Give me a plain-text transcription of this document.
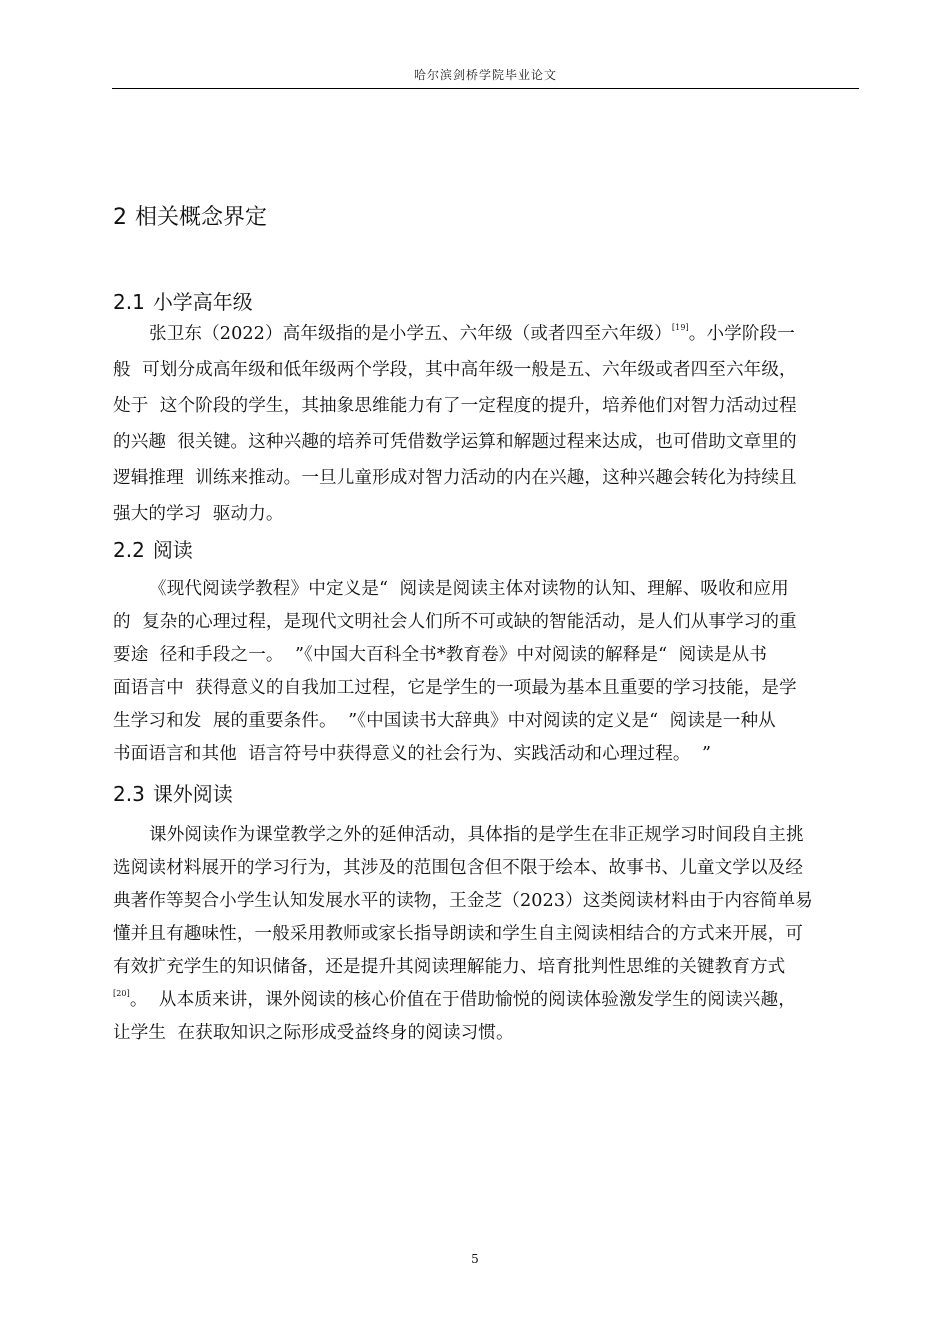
哈尔滨剑桥学院毕业论文
2 相关概念界定
2.1 小学高年级
张卫东（2022）高年级指的是小学五、六年级（或者四至六年级）[19]。小学阶段一
般  可划分成高年级和低年级两个学段，其中高年级一般是五、六年级或者四至六年级，
处于  这个阶段的学生，其抽象思维能力有了一定程度的提升，培养他们对智力活动过程
的兴趣  很关键。这种兴趣的培养可凭借数学运算和解题过程来达成，也可借助文章里的
逻辑推理  训练来推动。一旦儿童形成对智力活动的内在兴趣，这种兴趣会转化为持续且
强大的学习  驱动力。
2.2 阅读
《现代阅读学教程》中定义是“  阅读是阅读主体对读物的认知、理解、吸收和应用
的  复杂的心理过程，是现代文明社会人们所不可或缺的智能活动，是人们从事学习的重
要途  径和手段之一。  ”《中国大百科全书*教育卷》中对阅读的解释是“  阅读是从书
面语言中  获得意义的自我加工过程，它是学生的一项最为基本且重要的学习技能，是学
生学习和发  展的重要条件。  ”《中国读书大辞典》中对阅读的定义是“  阅读是一种从
书面语言和其他  语言符号中获得意义的社会行为、实践活动和心理过程。  ”
2.3 课外阅读
课外阅读作为课堂教学之外的延伸活动，具体指的是学生在非正规学习时间段自主挑
选阅读材料展开的学习行为，其涉及的范围包含但不限于绘本、故事书、儿童文学以及经
典著作等契合小学生认知发展水平的读物，王金芝（2023）这类阅读材料由于内容简单易
懂并且有趣味性，一般采用教师或家长指导朗读和学生自主阅读相结合的方式来开展，可
有效扩充学生的知识储备，还是提升其阅读理解能力、培育批判性思维的关键教育方式
[20]。  从本质来讲，课外阅读的核心价值在于借助愉悦的阅读体验激发学生的阅读兴趣，
让学生  在获取知识之际形成受益终身的阅读习惯。
5
